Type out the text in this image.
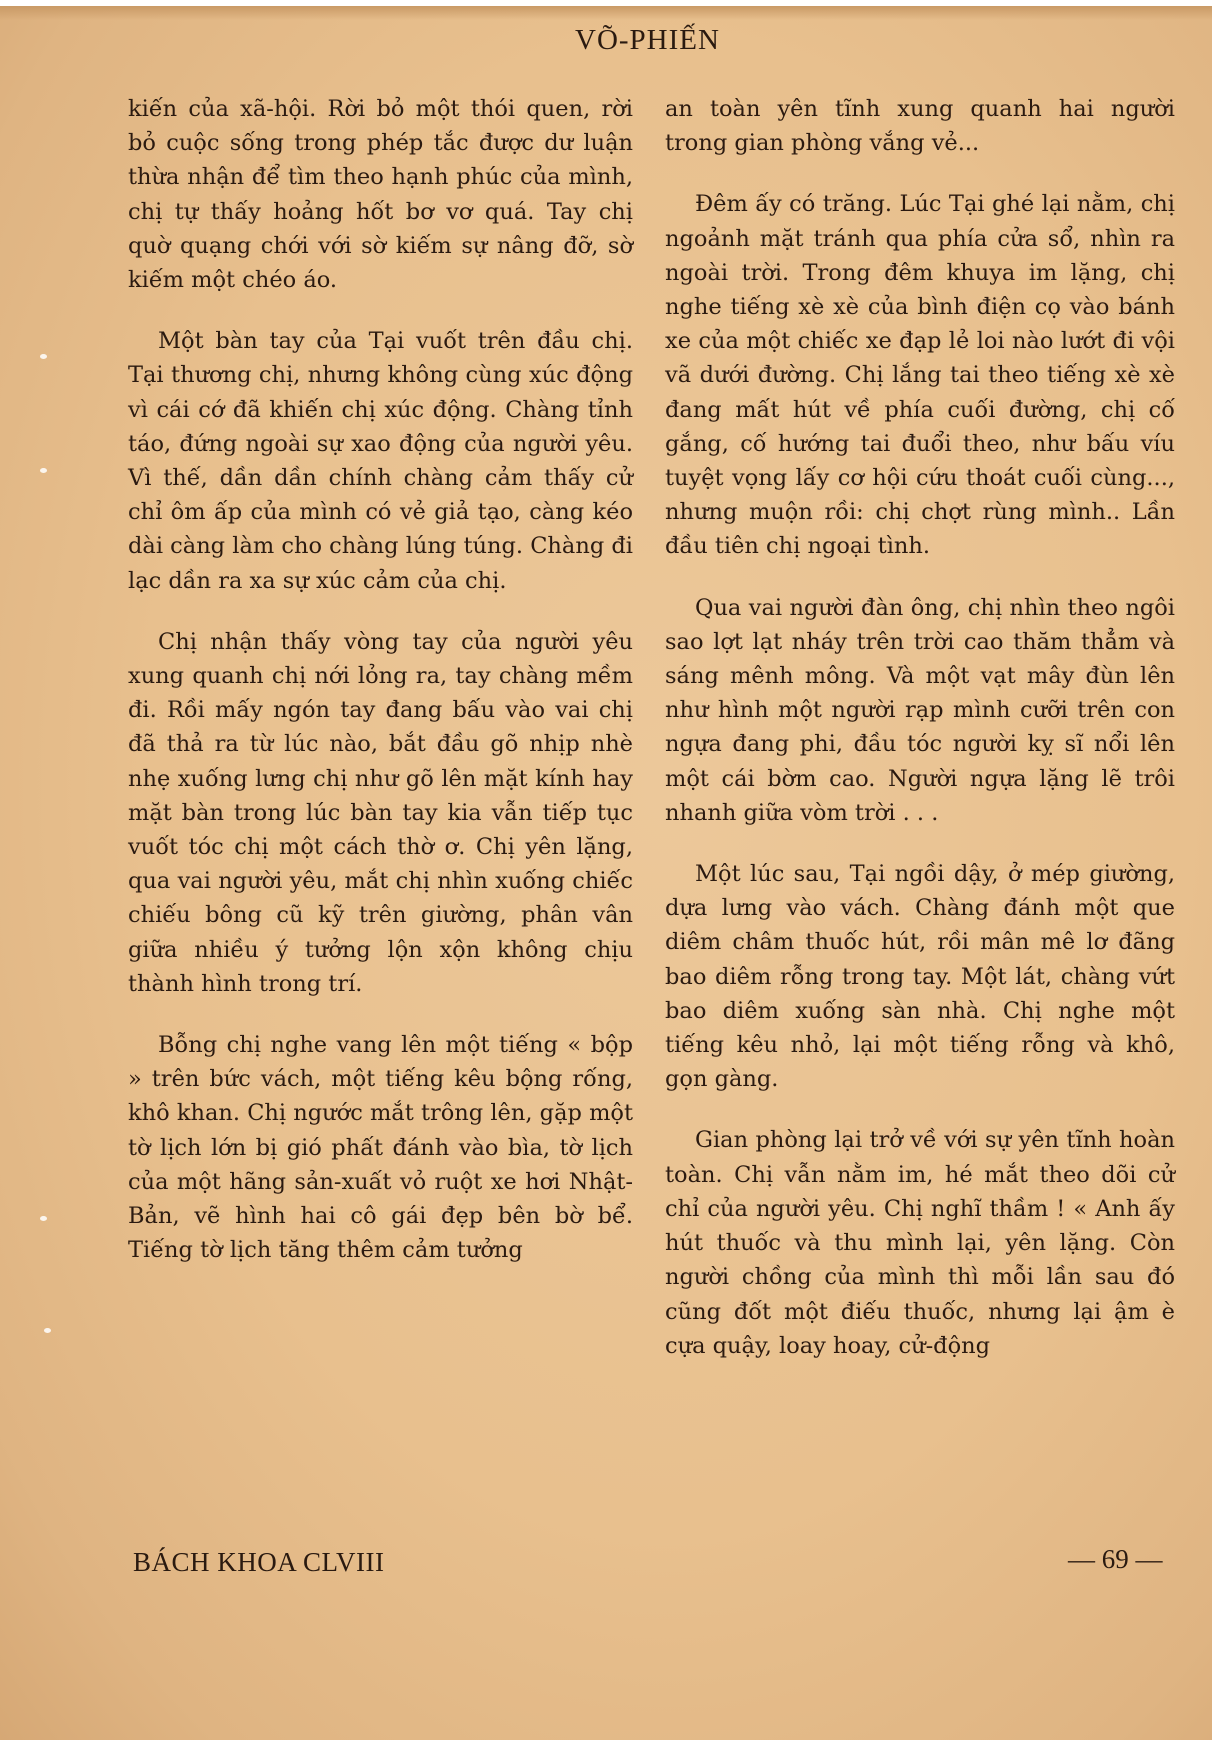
VÕ-PHIẾN

kiến của xã-hội. Rời bỏ một thói quen, rời bỏ cuộc sống trong phép tắc được dư luận thừa nhận để tìm theo hạnh phúc của mình, chị tự thấy hoảng hốt bơ vơ quá. Tay chị quờ quạng chới với sờ kiếm sự nâng đỡ, sờ kiếm một chéo áo.

Một bàn tay của Tại vuốt trên đầu chị. Tại thương chị, nhưng không cùng xúc động vì cái cớ đã khiến chị xúc động. Chàng tỉnh táo, đứng ngoài sự xao động của người yêu. Vì thế, dần dần chính chàng cảm thấy cử chỉ ôm ấp của mình có vẻ giả tạo, càng kéo dài càng làm cho chàng lúng túng. Chàng đi lạc dần ra xa sự xúc cảm của chị.

Chị nhận thấy vòng tay của người yêu xung quanh chị nới lỏng ra, tay chàng mềm đi. Rồi mấy ngón tay đang bấu vào vai chị đã thả ra từ lúc nào, bắt đầu gõ nhịp nhè nhẹ xuống lưng chị như gõ lên mặt kính hay mặt bàn trong lúc bàn tay kia vẫn tiếp tục vuốt tóc chị một cách thờ ơ. Chị yên lặng, qua vai người yêu, mắt chị nhìn xuống chiếc chiếu bông cũ kỹ trên giường, phân vân giữa nhiều ý tưởng lộn xộn không chịu thành hình trong trí.

Bỗng chị nghe vang lên một tiếng « bộp » trên bức vách, một tiếng kêu bộng rống, khô khan. Chị ngước mắt trông lên, gặp một tờ lịch lớn bị gió phất đánh vào bìa, tờ lịch của một hãng sản-xuất vỏ ruột xe hơi Nhật-Bản, vẽ hình hai cô gái đẹp bên bờ bể. Tiếng tờ lịch tăng thêm cảm tưởng

an toàn yên tĩnh xung quanh hai người trong gian phòng vắng vẻ...

Đêm ấy có trăng. Lúc Tại ghé lại nằm, chị ngoảnh mặt tránh qua phía cửa sổ, nhìn ra ngoài trời. Trong đêm khuya im lặng, chị nghe tiếng xè xè của bình điện cọ vào bánh xe của một chiếc xe đạp lẻ loi nào lướt đi vội vã dưới đường. Chị lắng tai theo tiếng xè xè đang mất hút về phía cuối đường, chị cố gắng, cố hướng tai đuổi theo, như bấu víu tuyệt vọng lấy cơ hội cứu thoát cuối cùng..., nhưng muộn rồi: chị chợt rùng mình.. Lần đầu tiên chị ngoại tình.

Qua vai người đàn ông, chị nhìn theo ngôi sao lợt lạt nháy trên trời cao thăm thẳm và sáng mênh mông. Và một vạt mây đùn lên như hình một người rạp mình cưỡi trên con ngựa đang phi, đầu tóc người kỵ sĩ nổi lên một cái bờm cao. Người ngựa lặng lẽ trôi nhanh giữa vòm trời . . .

Một lúc sau, Tại ngồi dậy, ở mép giường, dựa lưng vào vách. Chàng đánh một que diêm châm thuốc hút, rồi mân mê lơ đãng bao diêm rỗng trong tay. Một lát, chàng vứt bao diêm xuống sàn nhà. Chị nghe một tiếng kêu nhỏ, lại một tiếng rỗng và khô, gọn gàng.

Gian phòng lại trở về với sự yên tĩnh hoàn toàn. Chị vẫn nằm im, hé mắt theo dõi cử chỉ của người yêu. Chị nghĩ thầm ! « Anh ấy hút thuốc và thu mình lại, yên lặng. Còn người chồng của mình thì mỗi lần sau đó cũng đốt một điếu thuốc, nhưng lại ậm è cựa quậy, loay hoay, cử-động

BÁCH KHOA CLVIII	— 69 —
